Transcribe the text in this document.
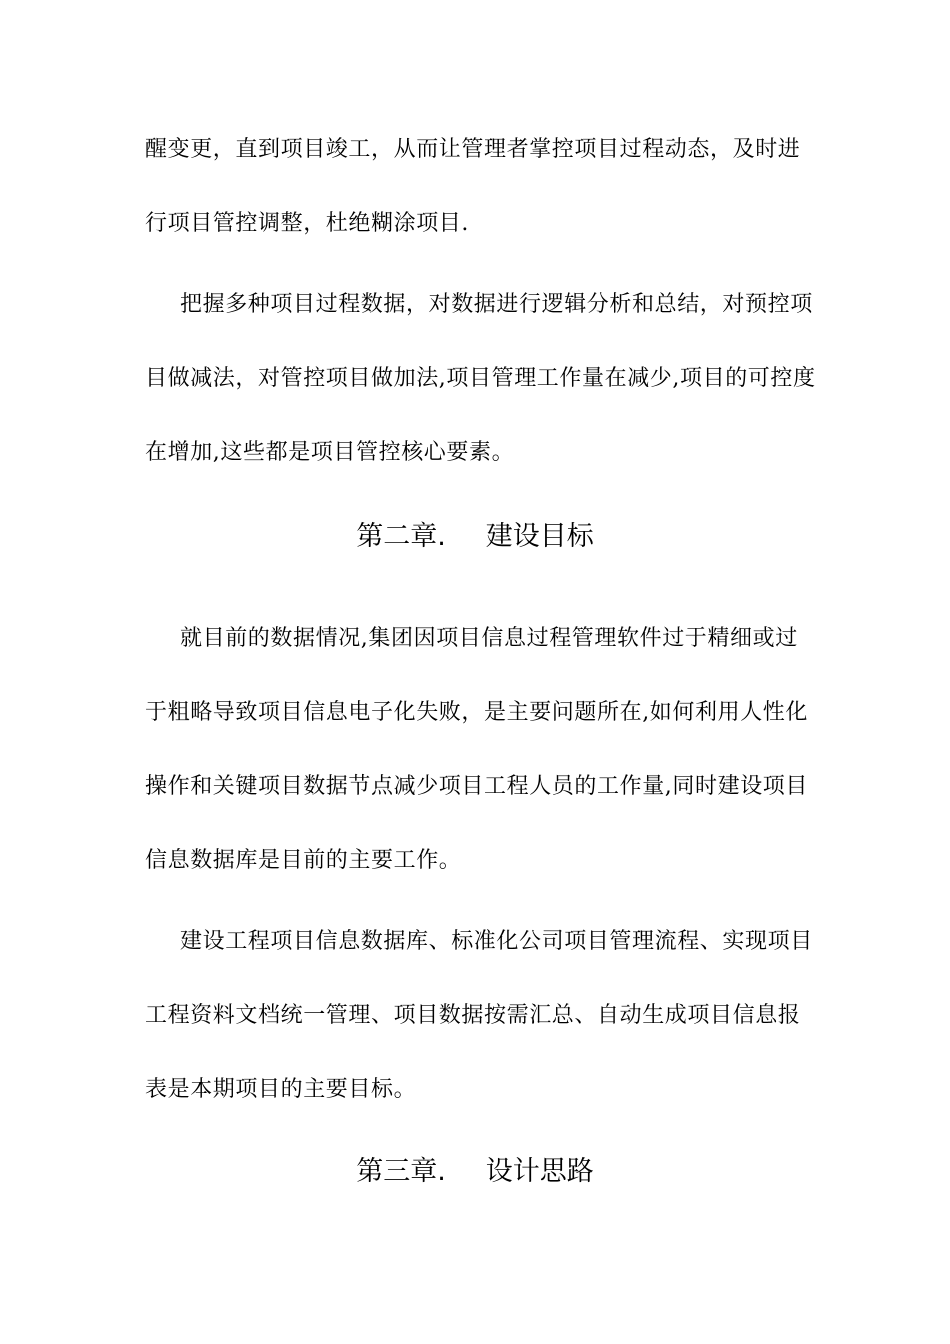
醒变更，直到项目竣工，从而让管理者掌控项目过程动态，及时进
行项目管控调整，杜绝糊涂项目.
把握多种项目过程数据，对数据进行逻辑分析和总结，对预控项
目做减法，对管控项目做加法,项目管理工作量在减少,项目的可控度
在增加,这些都是项目管控核心要素。
第二章. 建设目标
就目前的数据情况,集团因项目信息过程管理软件过于精细或过
于粗略导致项目信息电子化失败，是主要问题所在,如何利用人性化
操作和关键项目数据节点减少项目工程人员的工作量,同时建设项目
信息数据库是目前的主要工作。
建设工程项目信息数据库、标准化公司项目管理流程、实现项目
工程资料文档统一管理、项目数据按需汇总、自动生成项目信息报
表是本期项目的主要目标。
第三章. 设计思路
